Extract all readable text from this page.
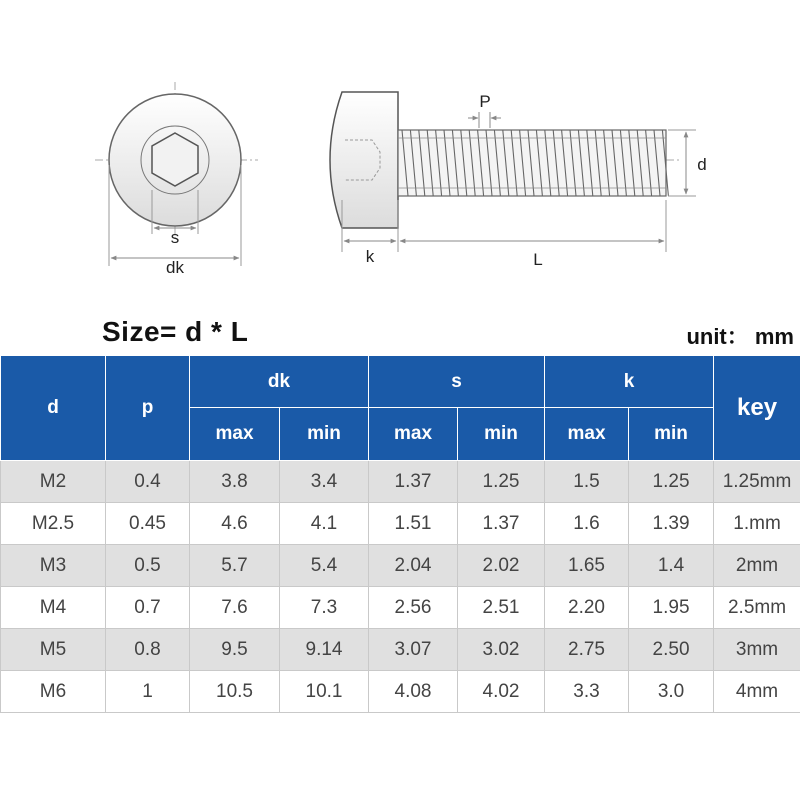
s
dk
P
d
k	L
Size= d * L	unit： mm
d	p	dk		s		k		key
		max	min	max	min	max	min	
M2	0.4	3.8	3.4	1.37	1.25	1.5	1.25	1.25mm
M2.5	0.45	4.6	4.1	1.51	1.37	1.6	1.39	1.mm
M3	0.5	5.7	5.4	2.04	2.02	1.65	1.4	2mm
M4	0.7	7.6	7.3	2.56	2.51	2.20	1.95	2.5mm
M5	0.8	9.5	9.14	3.07	3.02	2.75	2.50	3mm
M6	1	10.5	10.1	4.08	4.02	3.3	3.0	4mm
